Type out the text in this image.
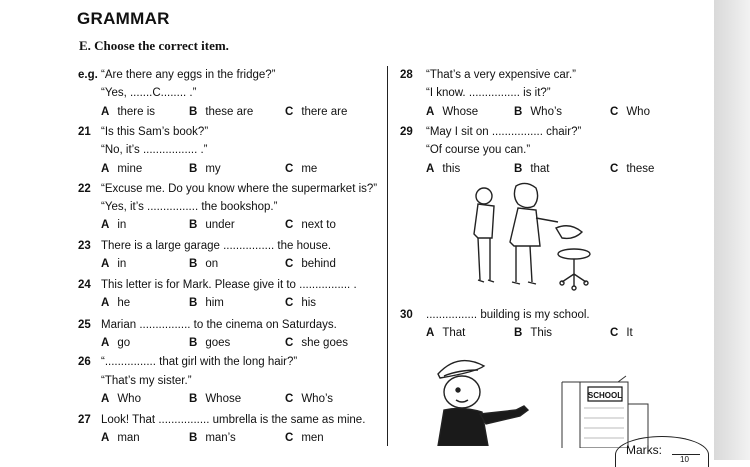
GRAMMAR
E. Choose the correct item.
e.g. “Are there any eggs in the fridge?”
“Yes, .......C........ .”
A there is	B these are	C there are
21 “Is this Sam’s book?”
“No, it’s ................. .”
A mine	B my	C me
22 “Excuse me. Do you know where the supermarket is?”
“Yes, it’s ................ the bookshop.”
A in	B under	C next to
23 There is a large garage ................ the house.
A in	B on	C behind
24 This letter is for Mark. Please give it to ................ .
A he	B him	C his
25 Marian ................ to the cinema on Saturdays.
A go	B goes	C she goes
26 “................ that girl with the long hair?”
“That’s my sister.”
A Who	B Whose	C Who’s
27 Look! That ................ umbrella is the same as mine.
A man	B man’s	C men
28 “That’s a very expensive car.”
“I know. ................ is it?”
A Whose	B Who’s	C Who
29 “May I sit on ................ chair?”
“Of course you can.”
A this	B that	C these
30 ................ building is my school.
A That	B This	C It
SCHOOL
Marks:
10
